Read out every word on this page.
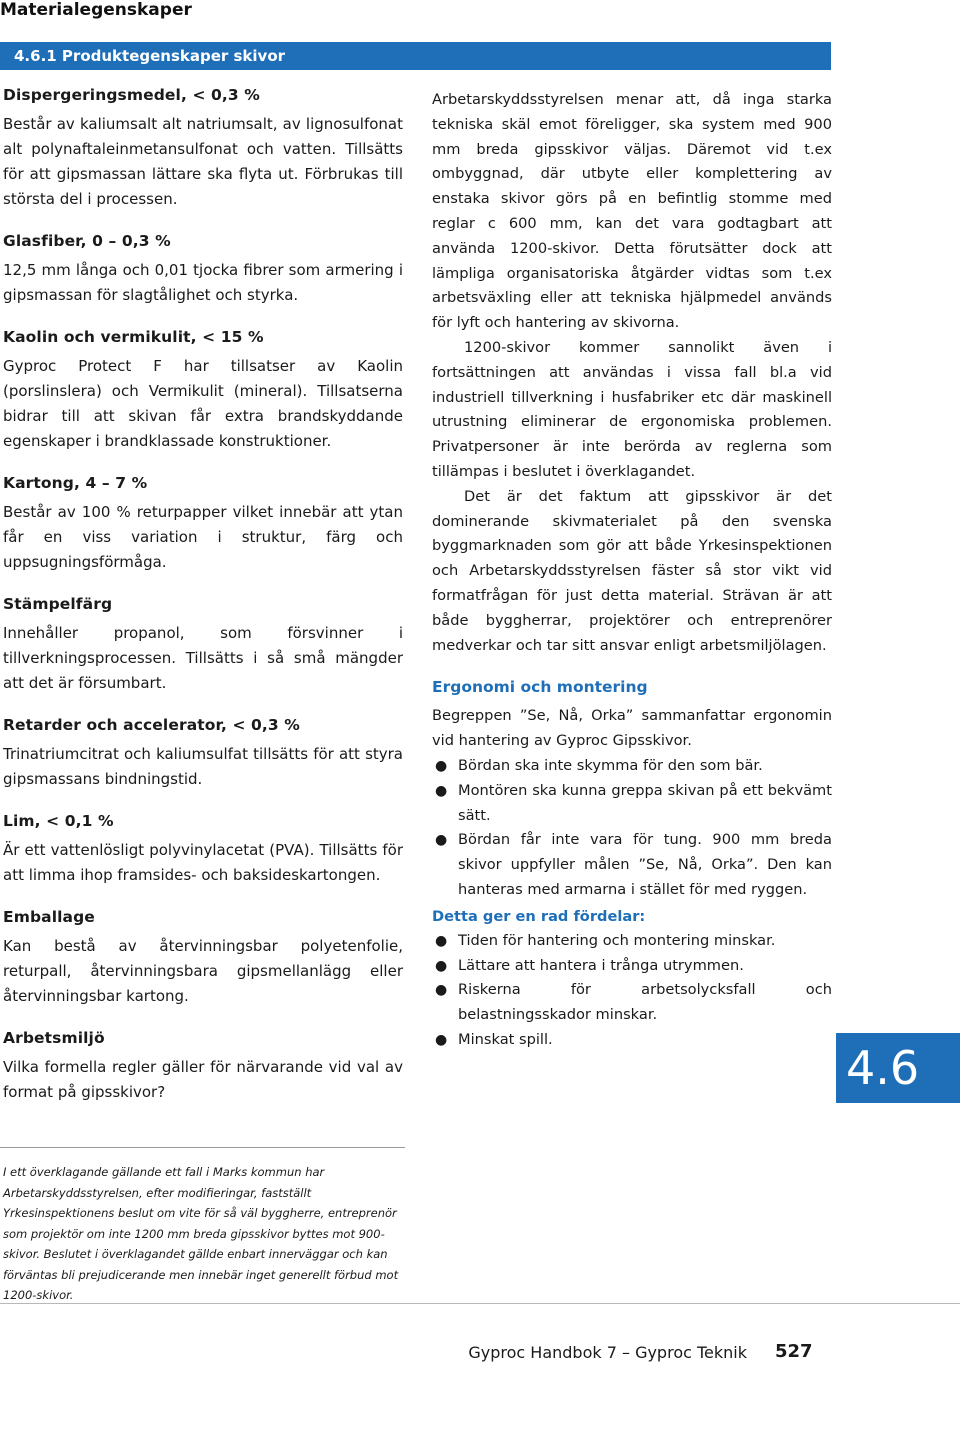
Materialegenskaper
4.6.1 Produktegenskaper skivor
Dispergeringsmedel, < 0,3 %

Består av kaliumsalt alt natriumsalt, av lignosulfonat alt polynaftaleinmetansulfonat och vatten. Tillsätts för att gipsmassan lättare ska flyta ut. Förbrukas till största del i processen.

Glasfiber, 0 – 0,3 %

12,5 mm långa och 0,01 tjocka fibrer som armering i gipsmassan för slagtålighet och styrka.

Kaolin och vermikulit, < 15 %

Gyproc Protect F har tillsatser av Kaolin (porslinslera) och Vermikulit (mineral). Tillsatserna bidrar till att skivan får extra brandskyddande egenskaper i brandklassade konstruktioner.

Kartong, 4 – 7 %

Består av 100 % returpapper vilket innebär att ytan får en viss variation i struktur, färg och uppsugningsförmåga.

Stämpelfärg

Innehåller propanol, som försvinner i tillverkningsprocessen. Tillsätts i så små mängder att det är försumbart.

Retarder och accelerator, < 0,3 %

Trinatriumcitrat och kaliumsulfat tillsätts för att styra gipsmassans bindningstid.

Lim, < 0,1 %

Är ett vattenlösligt polyvinylacetat (PVA). Tillsätts för att limma ihop framsides- och baksideskartongen.

Emballage

Kan bestå av återvinningsbar polyetenfolie, returpall, återvinningsbara gipsmellanlägg eller återvinningsbar kartong.

Arbetsmiljö

Vilka formella regler gäller för närvarande vid val av format på gipsskivor?

Arbetarskyddsstyrelsen menar att, då inga starka tekniska skäl emot föreligger, ska system med 900 mm breda gipsskivor väljas. Däremot vid t.ex ombyggnad, där utbyte eller komplettering av enstaka skivor görs på en befintlig stomme med reglar c 600 mm, kan det vara godtagbart att använda 1200-skivor. Detta förutsätter dock att lämpliga organisatoriska åtgärder vidtas som t.ex arbetsväxling eller att tekniska hjälpmedel används för lyft och hantering av skivorna.

1200-skivor kommer sannolikt även i fortsättningen att användas i vissa fall bl.a vid industriell tillverkning i husfabriker etc där maskinell utrustning eliminerar de ergonomiska problemen. Privatpersoner är inte berörda av reglerna som tillämpas i beslutet i överklagandet.

Det är det faktum att gipsskivor är det dominerande skivmaterialet på den svenska byggmarknaden som gör att både Yrkesinspektionen och Arbetarskyddsstyrelsen fäster så stor vikt vid formatfrågan för just detta material. Strävan är att både byggherrar, projektörer och entreprenörer medverkar och tar sitt ansvar enligt arbetsmiljölagen.

Ergonomi och montering

Begreppen ”Se, Nå, Orka” sammanfattar ergonomin vid hantering av Gyproc Gipsskivor.

● Bördan ska inte skymma för den som bär.
● Montören ska kunna greppa skivan på ett bekvämt sätt.
● Bördan får inte vara för tung. 900 mm breda skivor uppfyller målen ”Se, Nå, Orka”. Den kan hanteras med armarna i stället för med ryggen.
Detta ger en rad fördelar:
● Tiden för hantering och montering minskar.
● Lättare att hantera i trånga utrymmen.
● Riskerna för arbetsolycksfall och belastningsskador minskar.
● Minskat spill.
4.6
I ett överklagande gällande ett fall i Marks kommun har Arbetarskyddsstyrelsen, efter modifieringar, fastställt Yrkesinspektionens beslut om vite för så väl byggherre, entreprenör som projektör om inte 1200 mm breda gipsskivor byttes mot 900-skivor. Beslutet i överklagandet gällde enbart innerväggar och kan förväntas bli prejudicerande men innebär inget generellt förbud mot 1200-skivor.
Gyproc Handbok 7 – Gyproc Teknik 527
